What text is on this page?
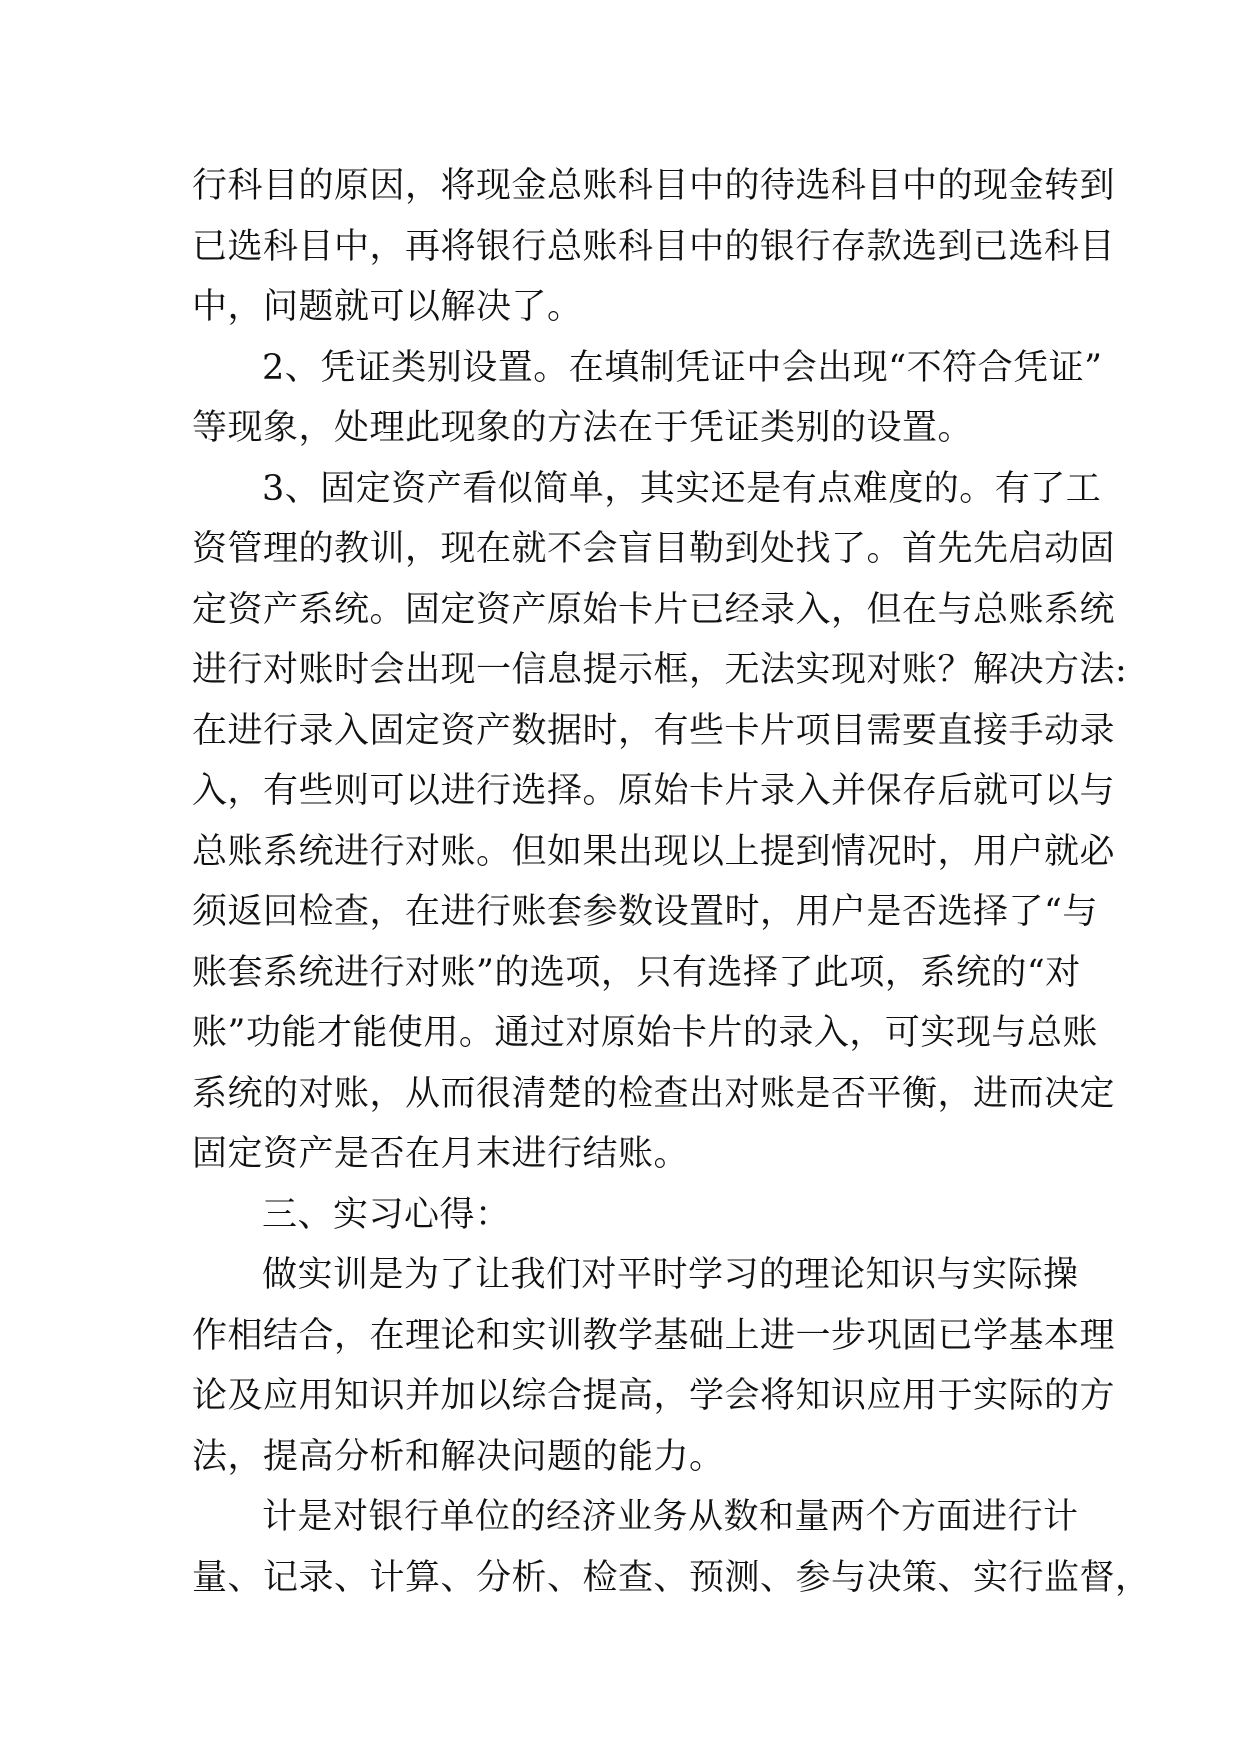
行科目的原因，将现金总账科目中的待选科目中的现金转到
已选科目中，再将银行总账科目中的银行存款选到已选科目
中，问题就可以解决了。
2、凭证类别设置。在填制凭证中会出现“不符合凭证”
等现象，处理此现象的方法在于凭证类别的设置。
3、固定资产看似简单，其实还是有点难度的。有了工
资管理的教训，现在就不会盲目勒到处找了。首先先启动固
定资产系统。固定资产原始卡片已经录入，但在与总账系统
进行对账时会出现一信息提示框，无法实现对账？解决方法:
在进行录入固定资产数据时，有些卡片项目需要直接手动录
入，有些则可以进行选择。原始卡片录入并保存后就可以与
总账系统进行对账。但如果出现以上提到情况时，用户就必
须返回检查，在进行账套参数设置时，用户是否选择了“与
账套系统进行对账”的选项，只有选择了此项，系统的“对
账”功能才能使用。通过对原始卡片的录入，可实现与总账
系统的对账，从而很清楚的检查出对账是否平衡，进而决定
固定资产是否在月末进行结账。
三、实习心得：
做实训是为了让我们对平时学习的理论知识与实际操
作相结合，在理论和实训教学基础上进一步巩固已学基本理
论及应用知识并加以综合提高，学会将知识应用于实际的方
法，提高分析和解决问题的能力。
计是对银行单位的经济业务从数和量两个方面进行计
量、记录、计算、分析、检查、预测、参与决策、实行监督，
